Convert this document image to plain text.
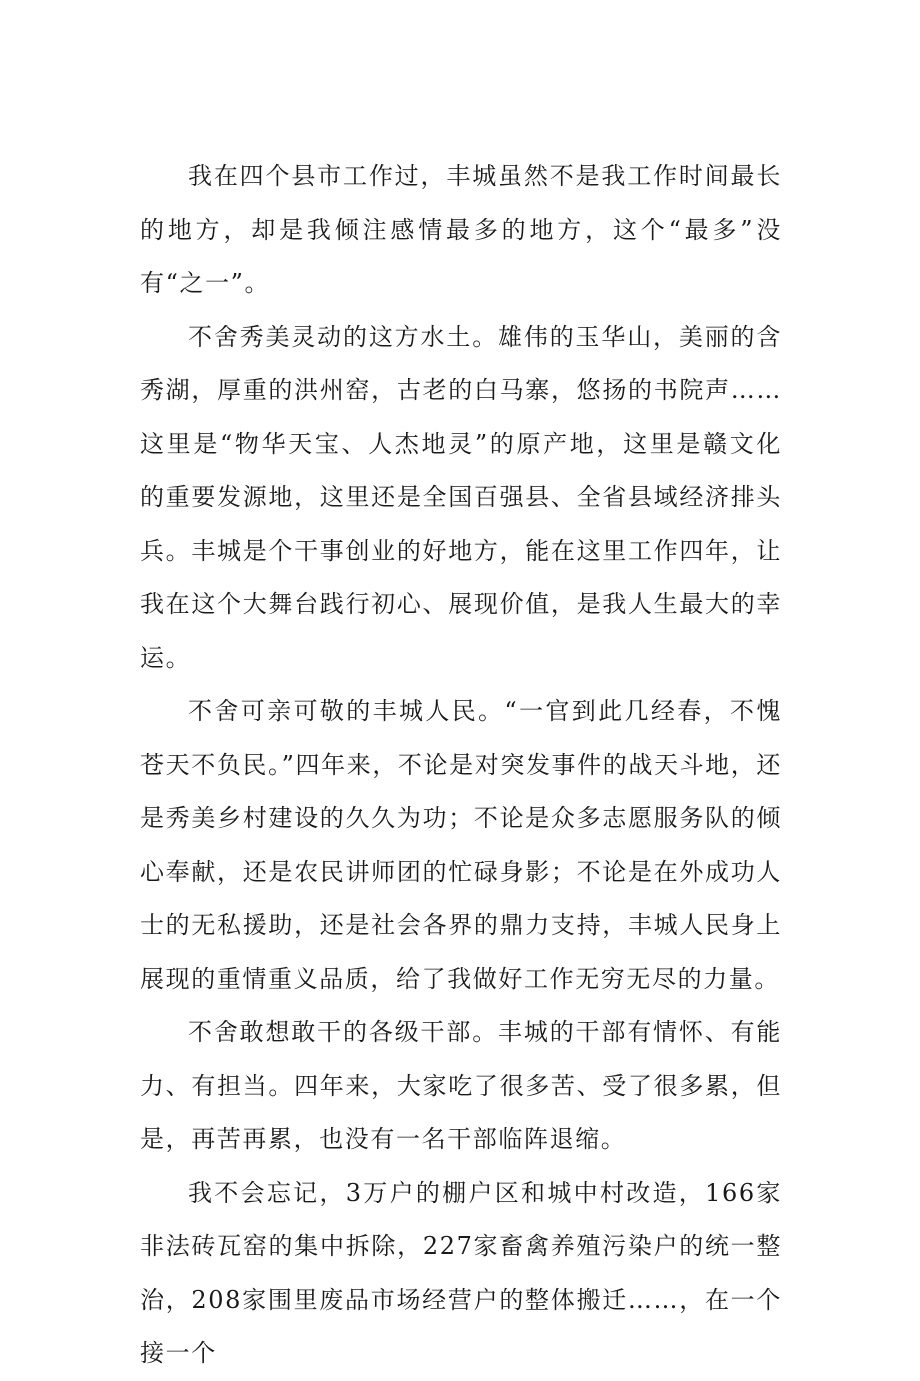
我在四个县市工作过，丰城虽然不是我工作时间最长的地方，却是我倾注感情最多的地方，这个“最多”没有“之一”。

不舍秀美灵动的这方水土。雄伟的玉华山，美丽的含秀湖，厚重的洪州窑，古老的白马寨，悠扬的书院声……这里是“物华天宝、人杰地灵”的原产地，这里是赣文化的重要发源地，这里还是全国百强县、全省县域经济排头兵。丰城是个干事创业的好地方，能在这里工作四年，让我在这个大舞台践行初心、展现价值，是我人生最大的幸运。

不舍可亲可敬的丰城人民。“一官到此几经春，不愧苍天不负民。”四年来，不论是对突发事件的战天斗地，还是秀美乡村建设的久久为功；不论是众多志愿服务队的倾心奉献，还是农民讲师团的忙碌身影；不论是在外成功人士的无私援助，还是社会各界的鼎力支持，丰城人民身上展现的重情重义品质，给了我做好工作无穷无尽的力量。

不舍敢想敢干的各级干部。丰城的干部有情怀、有能力、有担当。四年来，大家吃了很多苦、受了很多累，但是，再苦再累，也没有一名干部临阵退缩。

我不会忘记，3万户的棚户区和城中村改造，166家非法砖瓦窑的集中拆除，227家畜禽养殖污染户的统一整治，208家围里废品市场经营户的整体搬迁……，在一个接一个
